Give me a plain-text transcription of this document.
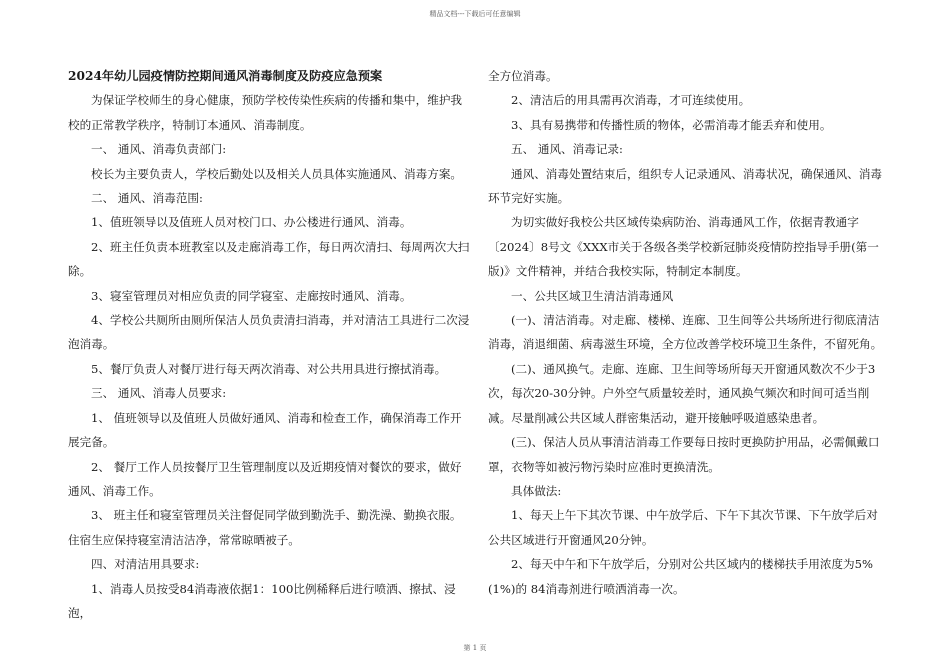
精品文档---下载后可任意编辑

2024年幼儿园疫情防控期间通风消毒制度及防疫应急预案

为保证学校师生的身心健康，预防学校传染性疾病的传播和集中，维护我校的正常教学秩序，特制订本通风、消毒制度。

一、 通风、消毒负责部门:

校长为主要负责人，学校后勤处以及相关人员具体实施通风、消毒方案。

二、 通风、消毒范围:

1、值班领导以及值班人员对校门口、办公楼进行通风、消毒。

2、班主任负责本班教室以及走廊消毒工作，每日两次清扫、每周两次大扫除。

3、寝室管理员对相应负责的同学寝室、走廊按时通风、消毒。

4、学校公共厕所由厕所保洁人员负责清扫消毒，并对清洁工具进行二次浸泡消毒。

5、餐厅负责人对餐厅进行每天两次消毒、对公共用具进行擦拭消毒。

三、 通风、消毒人员要求:

1、 值班领导以及值班人员做好通风、消毒和检查工作，确保消毒工作开展完备。

2、 餐厅工作人员按餐厅卫生管理制度以及近期疫情对餐饮的要求，做好通风、消毒工作。

3、 班主任和寝室管理员关注督促同学做到勤洗手、勤洗澡、勤换衣服。住宿生应保持寝室清洁洁净，常常晾晒被子。

四、对清洁用具要求:

1、消毒人员按受84消毒液依据1：100比例稀释后进行喷洒、擦拭、浸泡，

全方位消毒。

2、清洁后的用具需再次消毒，才可连续使用。

3、具有易携带和传播性质的物体，必需消毒才能丢弃和使用。

五、 通风、消毒记录:

通风、消毒处置结束后，组织专人记录通风、消毒状况，确保通风、消毒环节完好实施。

为切实做好我校公共区域传染病防治、消毒通风工作，依据青教通字〔2024〕8号文《XXX市关于各级各类学校新冠肺炎疫情防控指导手册(第一版)》文件精神，并结合我校实际，特制定本制度。

一、公共区域卫生清洁消毒通风

(一)、清洁消毒。对走廊、楼梯、连廊、卫生间等公共场所进行彻底清洁消毒，消退细菌、病毒滋生环境，全方位改善学校环境卫生条件，不留死角。

(二)、通风换气。走廊、连廊、卫生间等场所每天开窗通风数次不少于3次，每次20-30分钟。户外空气质量较差时，通风换气频次和时间可适当削减。尽量削减公共区域人群密集活动，避开接触呼吸道感染患者。

(三)、保洁人员从事清洁消毒工作要每日按时更换防护用品，必需佩戴口罩，衣物等如被污物污染时应准时更换清洗。

具体做法:

1、每天上午下其次节课、中午放学后、下午下其次节课、下午放学后对公共区域进行开窗通风20分钟。

2、每天中午和下午放学后，分别对公共区域内的楼梯扶手用浓度为5%(1%)的 84消毒剂进行喷洒消毒一次。

第 1 页
